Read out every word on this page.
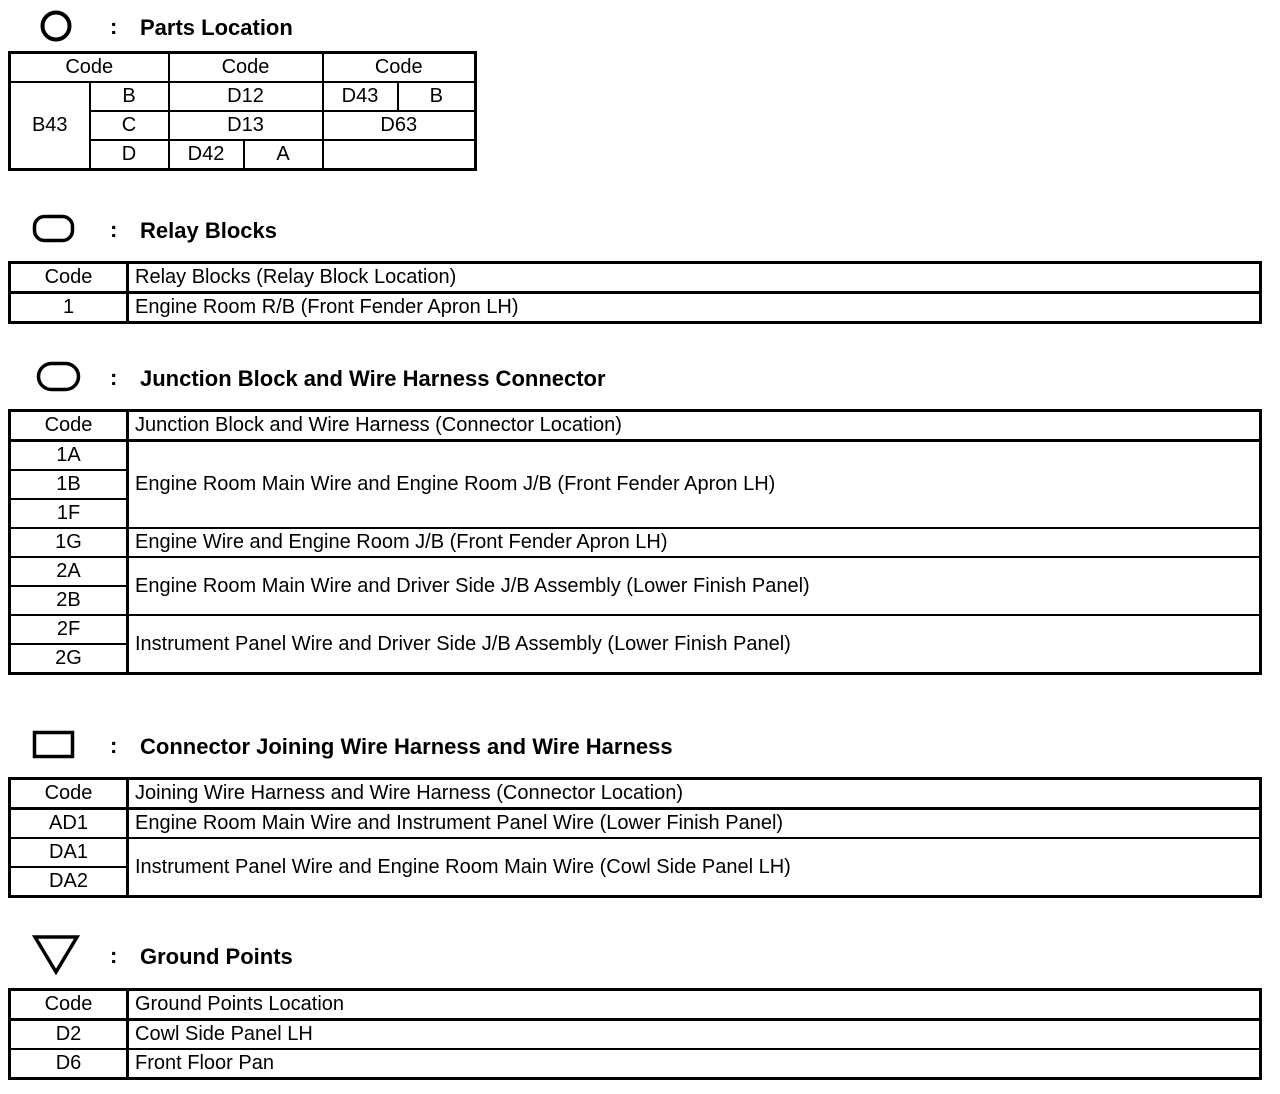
: Parts Location
Code		Code		Code	
B43	B	D12		D43	B
	C	D13		D63	
	D	D42	A		
: Relay Blocks
Code	Relay Blocks (Relay Block Location)
1	Engine Room R/B (Front Fender Apron LH)
: Junction Block and Wire Harness Connector
Code	Junction Block and Wire Harness (Connector Location)
1A	Engine Room Main Wire and Engine Room J/B (Front Fender Apron LH)
1B	
1F	
1G	Engine Wire and Engine Room J/B (Front Fender Apron LH)
2A	Engine Room Main Wire and Driver Side J/B Assembly (Lower Finish Panel)
2B	
2F	Instrument Panel Wire and Driver Side J/B Assembly (Lower Finish Panel)
2G	
: Connector Joining Wire Harness and Wire Harness
Code	Joining Wire Harness and Wire Harness (Connector Location)
AD1	Engine Room Main Wire and Instrument Panel Wire (Lower Finish Panel)
DA1	Instrument Panel Wire and Engine Room Main Wire (Cowl Side Panel LH)
DA2	
: Ground Points
Code	Ground Points Location
D2	Cowl Side Panel LH
D6	Front Floor Pan
